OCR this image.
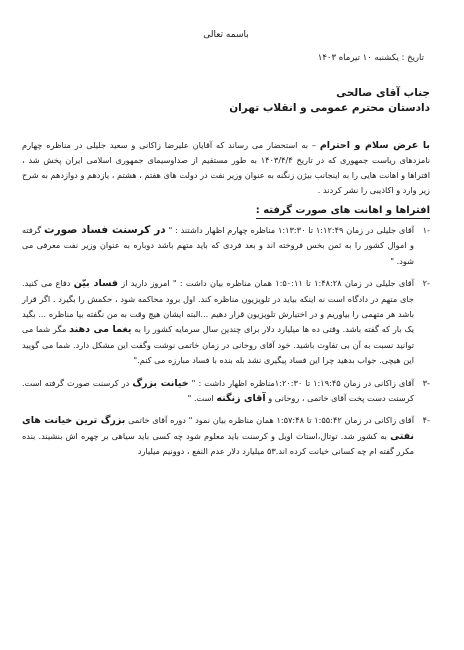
باسمه تعالی
تاریخ : یکشنبه ۱۰ تیرماه ۱۴۰۳
جناب آقای صالحی
دادستان محترم عمومی و انقلاب تهران
با عرض سلام و احترام – به استحضار می رساند که آقایان علیرضا زاکانی و سعید جلیلی در مناظره چهارم نامزدهای ریاست جمهوری که در تاریخ ۱۴۰۳/۴/۴ به طور مستقیم از صداوسیمای جمهوری اسلامی ایران پخش شد ، افتراها و اهانت هایی را به اینجانب بیژن زنگنه به عنوان وزیر نفت در دولت های هفتم ، هشتم ، یازدهم و دوازدهم به شرح زیر وارد و اکاذیبی را نشر کردند .
افتراها و اهانت های صورت گرفته :
-۱
آقای جلیلی در زمان ۱:۱۲:۴۹ تا ۱:۱۳:۳۰ مناظره چهارم اظهار داشتند : " در کرسنت فساد صورت گرفته و اموال کشور را به ثمن بخس فروخته اند و بعد فردی که باید متهم باشد دوباره به عنوان وزیر نفت معرفی می شود. "
-۲
آقای جلیلی در زمان ۱:۴۸:۲۸ تا ۱:۵۰:۱۱ همان مناظره بیان داشت : " امروز دارید از فساد بیّن دفاع می کنید. جای متهم در دادگاه است نه اینکه بیاید در تلویزیون مناظره کند. اول برود محاکمه شود ، حکمش را بگیرد . اگر قرار باشد هر متهمی را بیاوریم و در اختیارش تلویزیون قرار دهیم ...البته ایشان هیچ وقت به من نگفته بیا مناظره ... بگید یک بار که گفته باشد. وقتی ده ها میلیارد دلار برای چندین سال سرمایه کشور را به یغما می دهند مگر شما می توانید نسبت به آن بی تفاوت باشید. خود آقای روحانی در زمان خاتمی نوشت وگفت این مشکل دارد. شما می گویید این هیچی. جواب بدهید چرا این فساد پیگیری نشد بله بنده با فساد مبارزه می کنم."
-۳
آقای زاکانی در زمان ۱:۱۹:۴۵ تا ۱:۲۰:۳۰مناظره اظهار داشت : " خیانت بزرگ در کرسنت صورت گرفته است. کرسنت دست پخت آقای خاتمی ، روحانی و آقای زنگنه است. "
-۴
آقای زاکانی در زمان ۱:۵۵:۴۲ تا ۱:۵۷:۴۸ همان مناظره بیان نمود " دوره آقای خاتمی بزرگ ترین خیانت های نفتی به کشور شد. توتال،استات اویل و کرسنت باید معلوم شود چه کسی باید سیاهی بر چهره اش بنشیند. بنده مکرر گفته ام چه کسانی خیانت کرده اند.۵۳ میلیارد دلار عدم النفع ، دوونیم میلیارد
